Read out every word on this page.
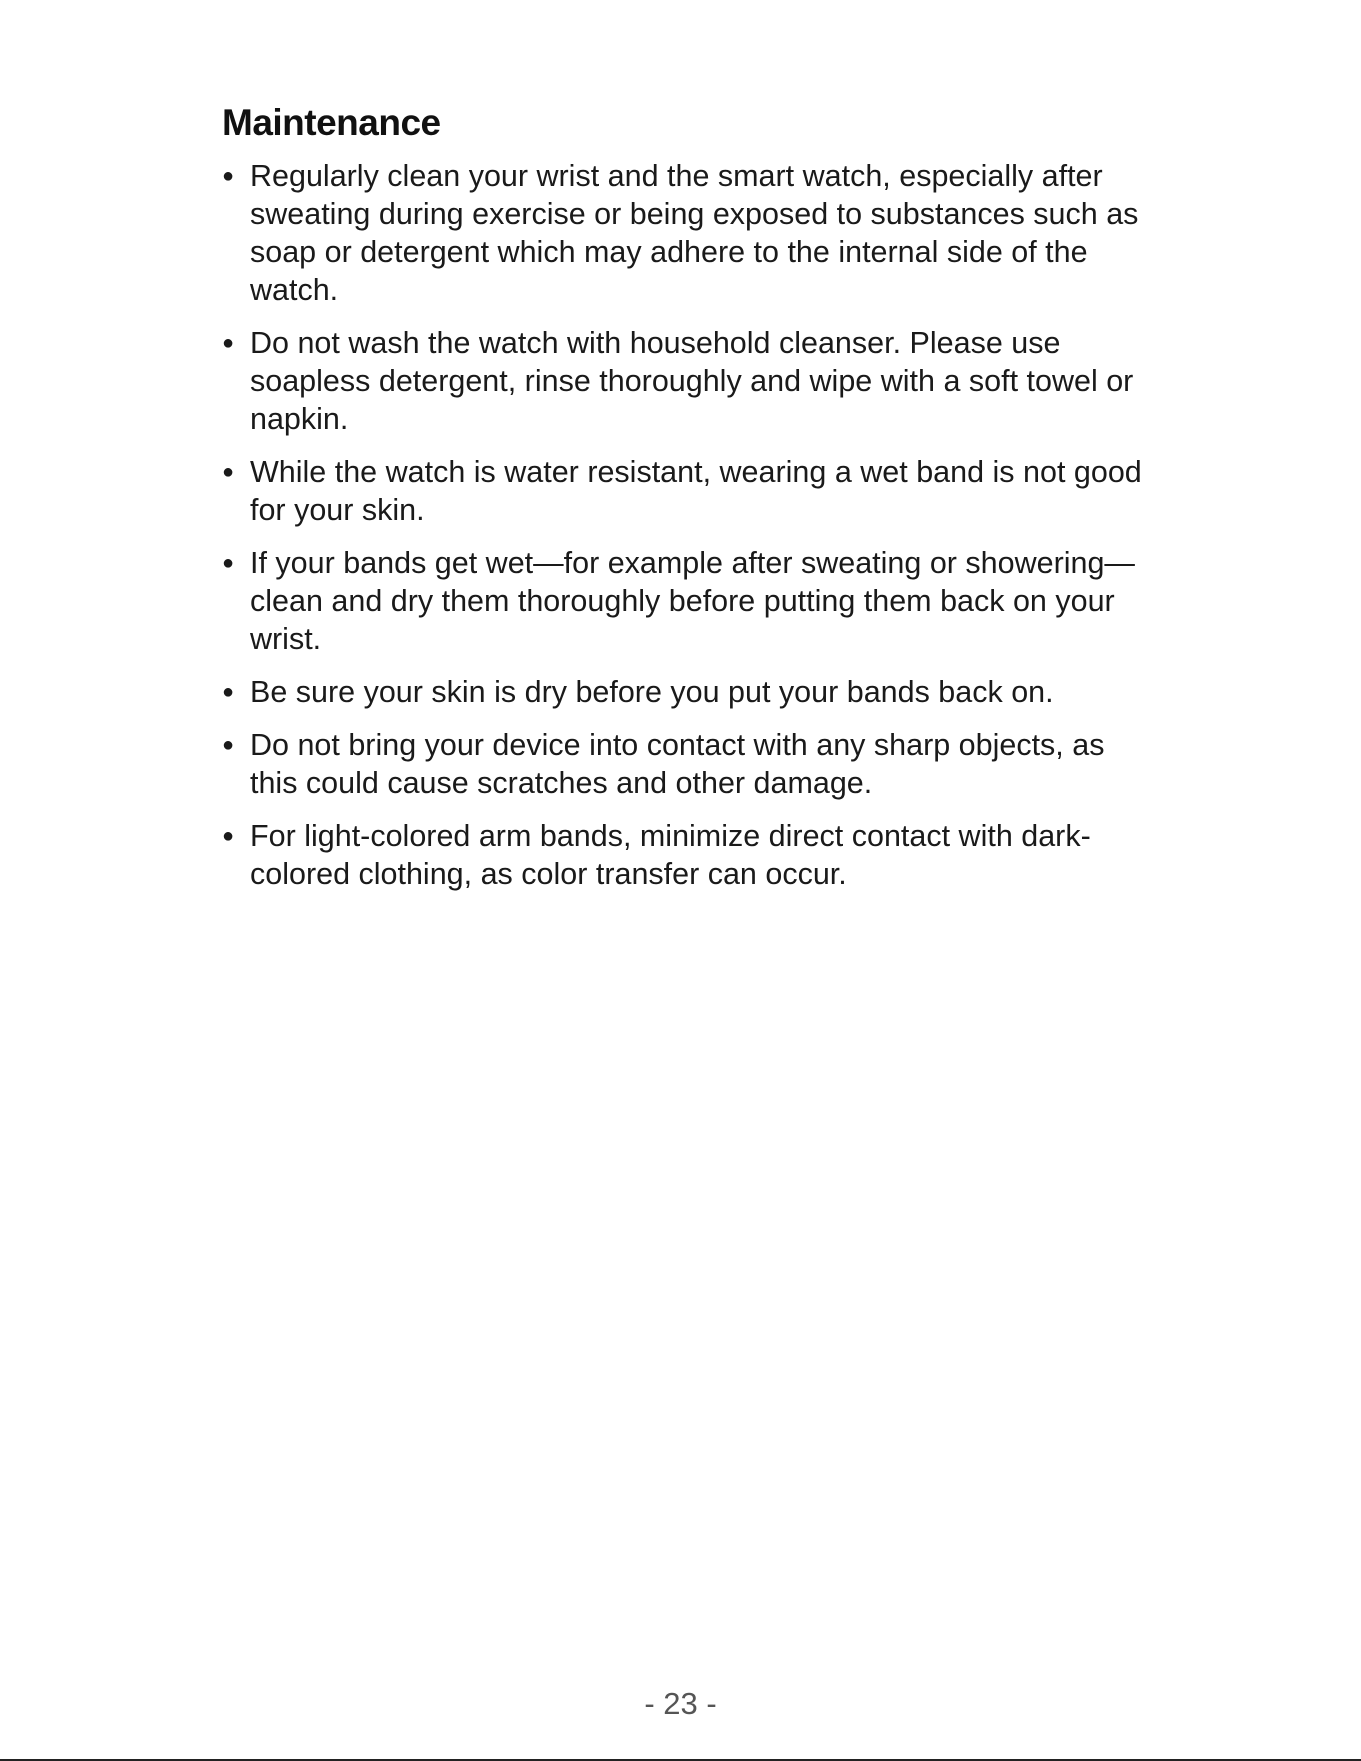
Maintenance
● Regularly clean your wrist and the smart watch, especially after sweating during exercise or being exposed to substances such as soap or detergent which may adhere to the internal side of the watch.
● Do not wash the watch with household cleanser. Please use soapless detergent, rinse thoroughly and wipe with a soft towel or napkin.
● While the watch is water resistant, wearing a wet band is not good for your skin.
● If your bands get wet—for example after sweating or showering—clean and dry them thoroughly before putting them back on your wrist.
● Be sure your skin is dry before you put your bands back on.
● Do not bring your device into contact with any sharp objects, as this could cause scratches and other damage.
● For light-colored arm bands, minimize direct contact with dark-colored clothing, as color transfer can occur.
- 23 -
